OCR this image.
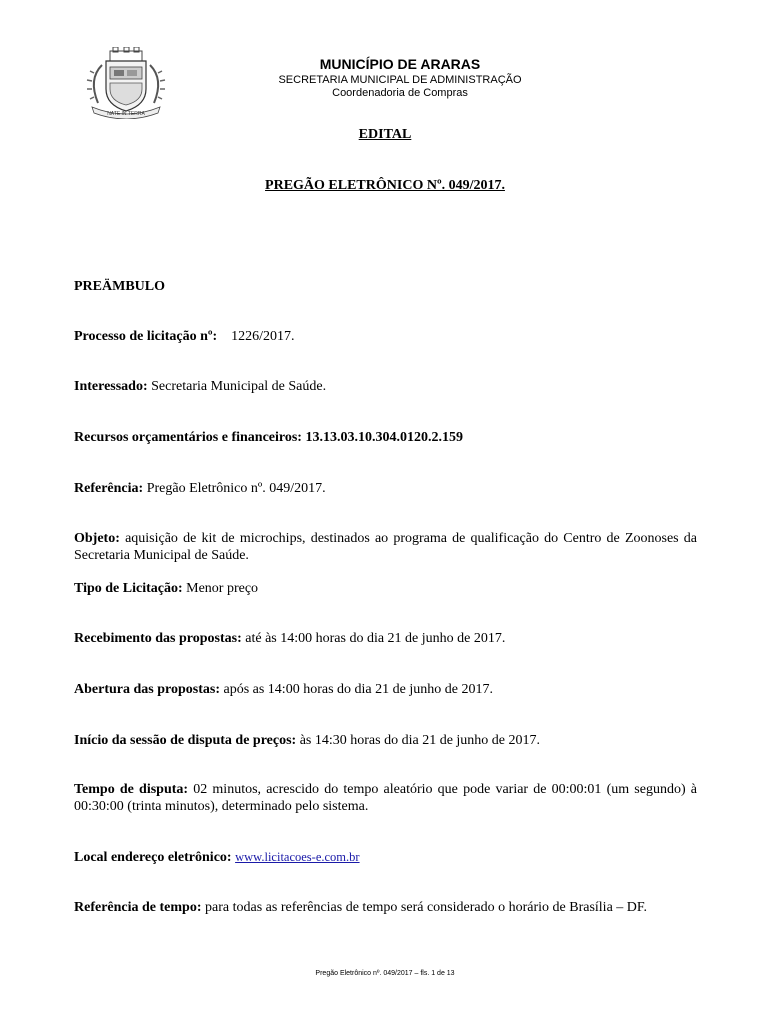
NATE IN TERRA
MUNICÍPIO DE ARARAS
SECRETARIA MUNICIPAL DE ADMINISTRAÇÃO
Coordenadoria de Compras
EDITAL
PREGÃO ELETRÔNICO Nº. 049/2017.
PREÄMBULO
Processo de licitação nº: 1226/2017.
Interessado: Secretaria Municipal de Saúde.
Recursos orçamentários e financeiros: 13.13.03.10.304.0120.2.159
Referência: Pregão Eletrônico nº. 049/2017.
Objeto: aquisição de kit de microchips, destinados ao programa de qualificação do Centro de Zoonoses da Secretaria Municipal de Saúde.
Tipo de Licitação: Menor preço
Recebimento das propostas: até às 14:00 horas do dia 21 de junho de 2017.
Abertura das propostas: após as 14:00 horas do dia 21 de junho de 2017.
Início da sessão de disputa de preços: às 14:30 horas do dia 21 de junho de 2017.
Tempo de disputa: 02 minutos, acrescido do tempo aleatório que pode variar de 00:00:01 (um segundo) à 00:30:00 (trinta minutos), determinado pelo sistema.
Local endereço eletrônico: www.licitacoes-e.com.br
Referência de tempo: para todas as referências de tempo será considerado o horário de Brasília – DF.
Pregão Eletrônico nº. 049/2017 – fls. 1 de 13
